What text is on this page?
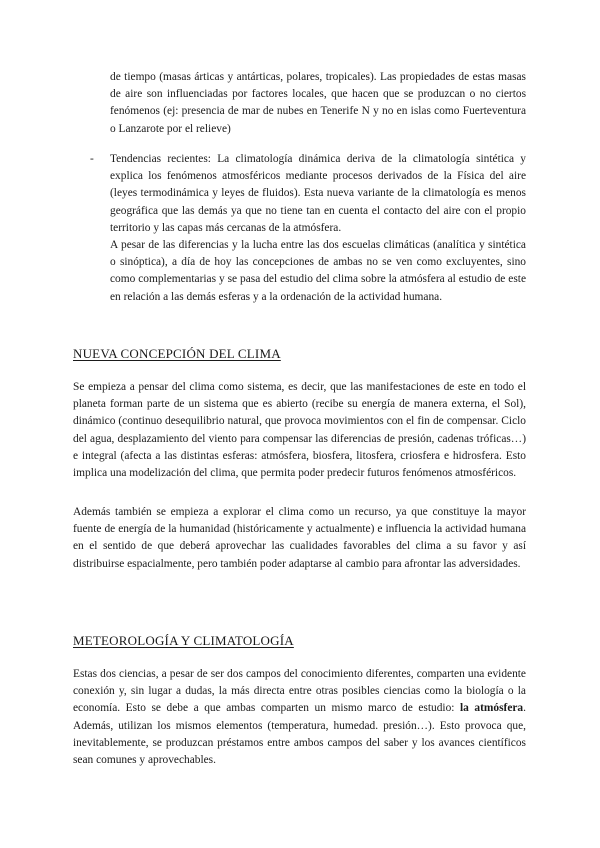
de tiempo (masas árticas y antárticas, polares, tropicales). Las propiedades de estas masas de aire son influenciadas por factores locales, que hacen que se produzcan o no ciertos fenómenos (ej: presencia de mar de nubes en Tenerife N y no en islas como Fuerteventura o Lanzarote por el relieve)
- Tendencias recientes: La climatología dinámica deriva de la climatología sintética y explica los fenómenos atmosféricos mediante procesos derivados de la Física del aire (leyes termodinámica y leyes de fluidos). Esta nueva variante de la climatología es menos geográfica que las demás ya que no tiene tan en cuenta el contacto del aire con el propio territorio y las capas más cercanas de la atmósfera.

A pesar de las diferencias y la lucha entre las dos escuelas climáticas (analítica y sintética o sinóptica), a día de hoy las concepciones de ambas no se ven como excluyentes, sino como complementarias y se pasa del estudio del clima sobre la atmósfera al estudio de este en relación a las demás esferas y a la ordenación de la actividad humana.

NUEVA CONCEPCIÓN DEL CLIMA

Se empieza a pensar del clima como sistema, es decir, que las manifestaciones de este en todo el planeta forman parte de un sistema que es abierto (recibe su energía de manera externa, el Sol), dinámico (continuo desequilibrio natural, que provoca movimientos con el fin de compensar. Ciclo del agua, desplazamiento del viento para compensar las diferencias de presión, cadenas tróficas…) e integral (afecta a las distintas esferas: atmósfera, biosfera, litosfera, criosfera e hidrosfera. Esto implica una modelización del clima, que permita poder predecir futuros fenómenos atmosféricos.

Además también se empieza a explorar el clima como un recurso, ya que constituye la mayor fuente de energía de la humanidad (históricamente y actualmente) e influencia la actividad humana en el sentido de que deberá aprovechar las cualidades favorables del clima a su favor y así distribuirse espacialmente, pero también poder adaptarse al cambio para afrontar las adversidades.

METEOROLOGÍA Y CLIMATOLOGÍA

Estas dos ciencias, a pesar de ser dos campos del conocimiento diferentes, comparten una evidente conexión y, sin lugar a dudas, la más directa entre otras posibles ciencias como la biología o la economía. Esto se debe a que ambas comparten un mismo marco de estudio: la atmósfera. Además, utilizan los mismos elementos (temperatura, humedad. presión…). Esto provoca que, inevitablemente, se produzcan préstamos entre ambos campos del saber y los avances científicos sean comunes y aprovechables.
